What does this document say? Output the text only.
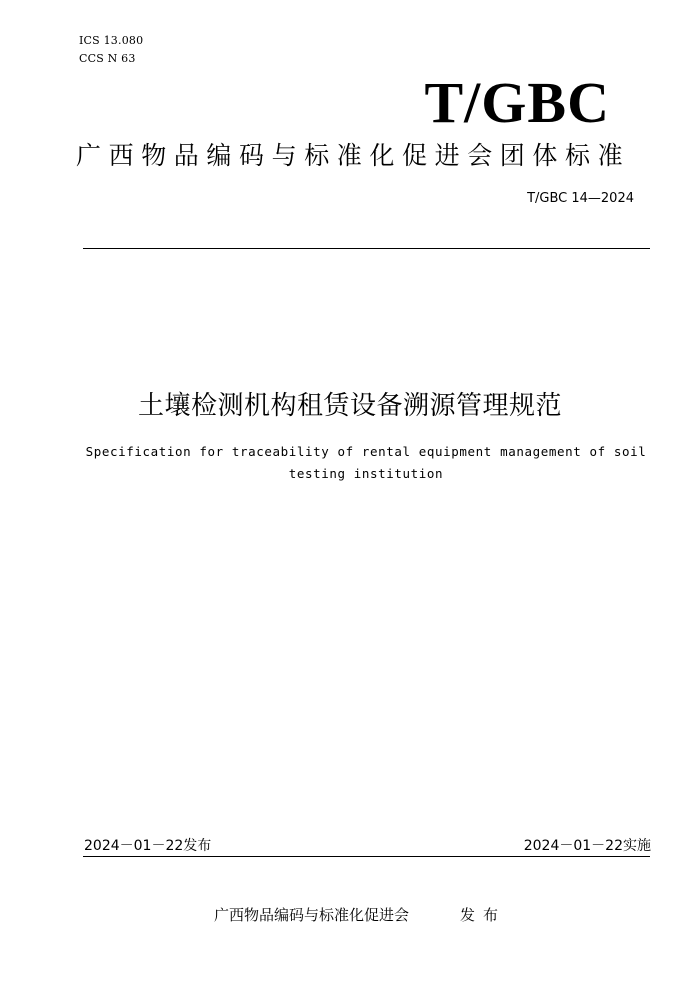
ICS 13.080
CCS N 63
T/GBC
广西物品编码与标准化促进会团体标准
T/GBC 14—2024
土壤检测机构租赁设备溯源管理规范
Specification for traceability of rental equipment management of soil testing institution
2024－01－22发布	2024－01－22实施
广西物品编码与标准化促进会	发布
